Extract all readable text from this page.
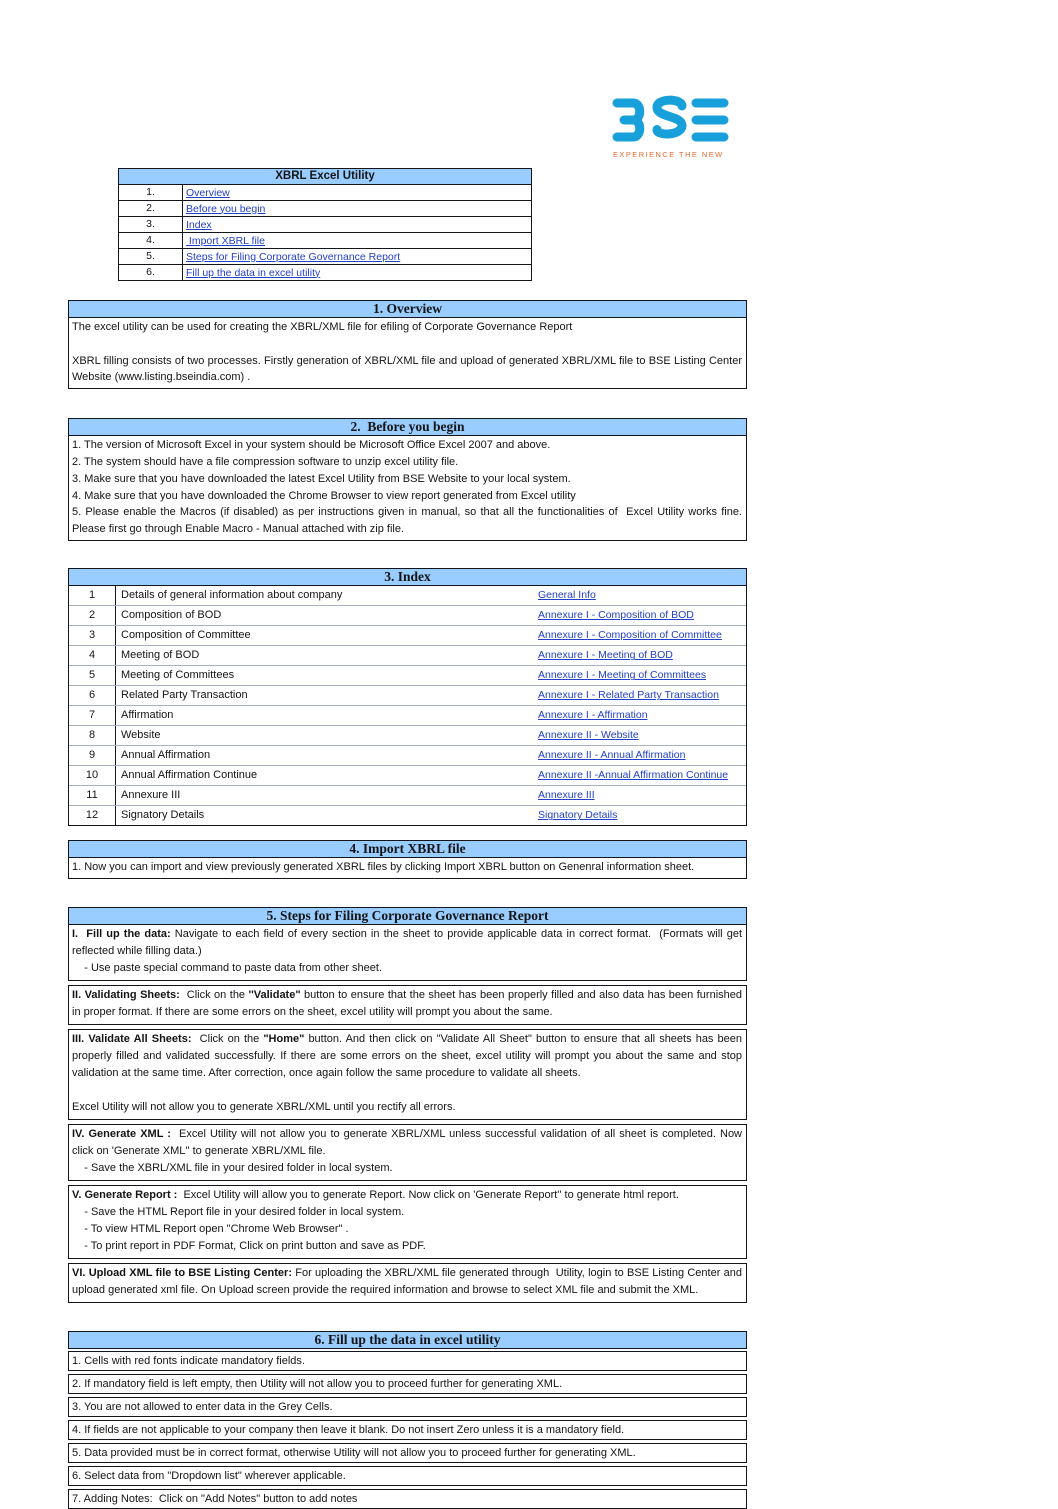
EXPERIENCE THE NEW
XBRL Excel Utility
1.	Overview
2.	Before you begin
3.	Index
4.	Import XBRL file
5.	Steps for Filing Corporate Governance Report
6.	Fill up the data in excel utility
1. Overview
The excel utility can be used for creating the XBRL/XML file for efiling of Corporate Governance Report
XBRL filling consists of two processes. Firstly generation of XBRL/XML file and upload of generated XBRL/XML file to BSE Listing Center Website (www.listing.bseindia.com) .
2.  Before you begin
1. The version of Microsoft Excel in your system should be Microsoft Office Excel 2007 and above.
2. The system should have a file compression software to unzip excel utility file.
3. Make sure that you have downloaded the latest Excel Utility from BSE Website to your local system.
4. Make sure that you have downloaded the Chrome Browser to view report generated from Excel utility
5. Please enable the Macros (if disabled) as per instructions given in manual, so that all the functionalities of  Excel Utility works fine. Please first go through Enable Macro - Manual attached with zip file.
3. Index
1	Details of general information about company	General Info
2	Composition of BOD	Annexure I - Composition of BOD
3	Composition of Committee	Annexure I - Composition of Committee
4	Meeting of BOD	Annexure I - Meeting of BOD
5	Meeting of Committees	Annexure I - Meeting of Committees
6	Related Party Transaction	Annexure I - Related Party Transaction
7	Affirmation	Annexure I - Affirmation
8	Website	Annexure II - Website
9	Annual Affirmation	Annexure II - Annual Affirmation
10	Annual Affirmation Continue	Annexure II -Annual Affirmation Continue
11	Annexure III	Annexure III
12	Signatory Details	Signatory Details
4. Import XBRL file
1. Now you can import and view previously generated XBRL files by clicking Import XBRL button on Genenral information sheet.
5. Steps for Filing Corporate Governance Report
I.  Fill up the data: Navigate to each field of every section in the sheet to provide applicable data in correct format.  (Formats will get reflected while filling data.)
- Use paste special command to paste data from other sheet.
II. Validating Sheets:  Click on the ''Validate" button to ensure that the sheet has been properly filled and also data has been furnished in proper format. If there are some errors on the sheet, excel utility will prompt you about the same.
III. Validate All Sheets:  Click on the "Home" button. And then click on "Validate All Sheet" button to ensure that all sheets has been properly filled and validated successfully. If there are some errors on the sheet, excel utility will prompt you about the same and stop validation at the same time. After correction, once again follow the same procedure to validate all sheets.
Excel Utility will not allow you to generate XBRL/XML until you rectify all errors.
IV. Generate XML :  Excel Utility will not allow you to generate XBRL/XML unless successful validation of all sheet is completed. Now click on 'Generate XML'' to generate XBRL/XML file.
- Save the XBRL/XML file in your desired folder in local system.
V. Generate Report :  Excel Utility will allow you to generate Report. Now click on 'Generate Report'' to generate html report.
- Save the HTML Report file in your desired folder in local system.
- To view HTML Report open "Chrome Web Browser" .
- To print report in PDF Format, Click on print button and save as PDF.
VI. Upload XML file to BSE Listing Center: For uploading the XBRL/XML file generated through  Utility, login to BSE Listing Center and upload generated xml file. On Upload screen provide the required information and browse to select XML file and submit the XML.
6. Fill up the data in excel utility
1. Cells with red fonts indicate mandatory fields.
2. If mandatory field is left empty, then Utility will not allow you to proceed further for generating XML.
3. You are not allowed to enter data in the Grey Cells.
4. If fields are not applicable to your company then leave it blank. Do not insert Zero unless it is a mandatory field.
5. Data provided must be in correct format, otherwise Utility will not allow you to proceed further for generating XML.
6. Select data from "Dropdown list" wherever applicable.
7. Adding Notes:  Click on "Add Notes" button to add notes
